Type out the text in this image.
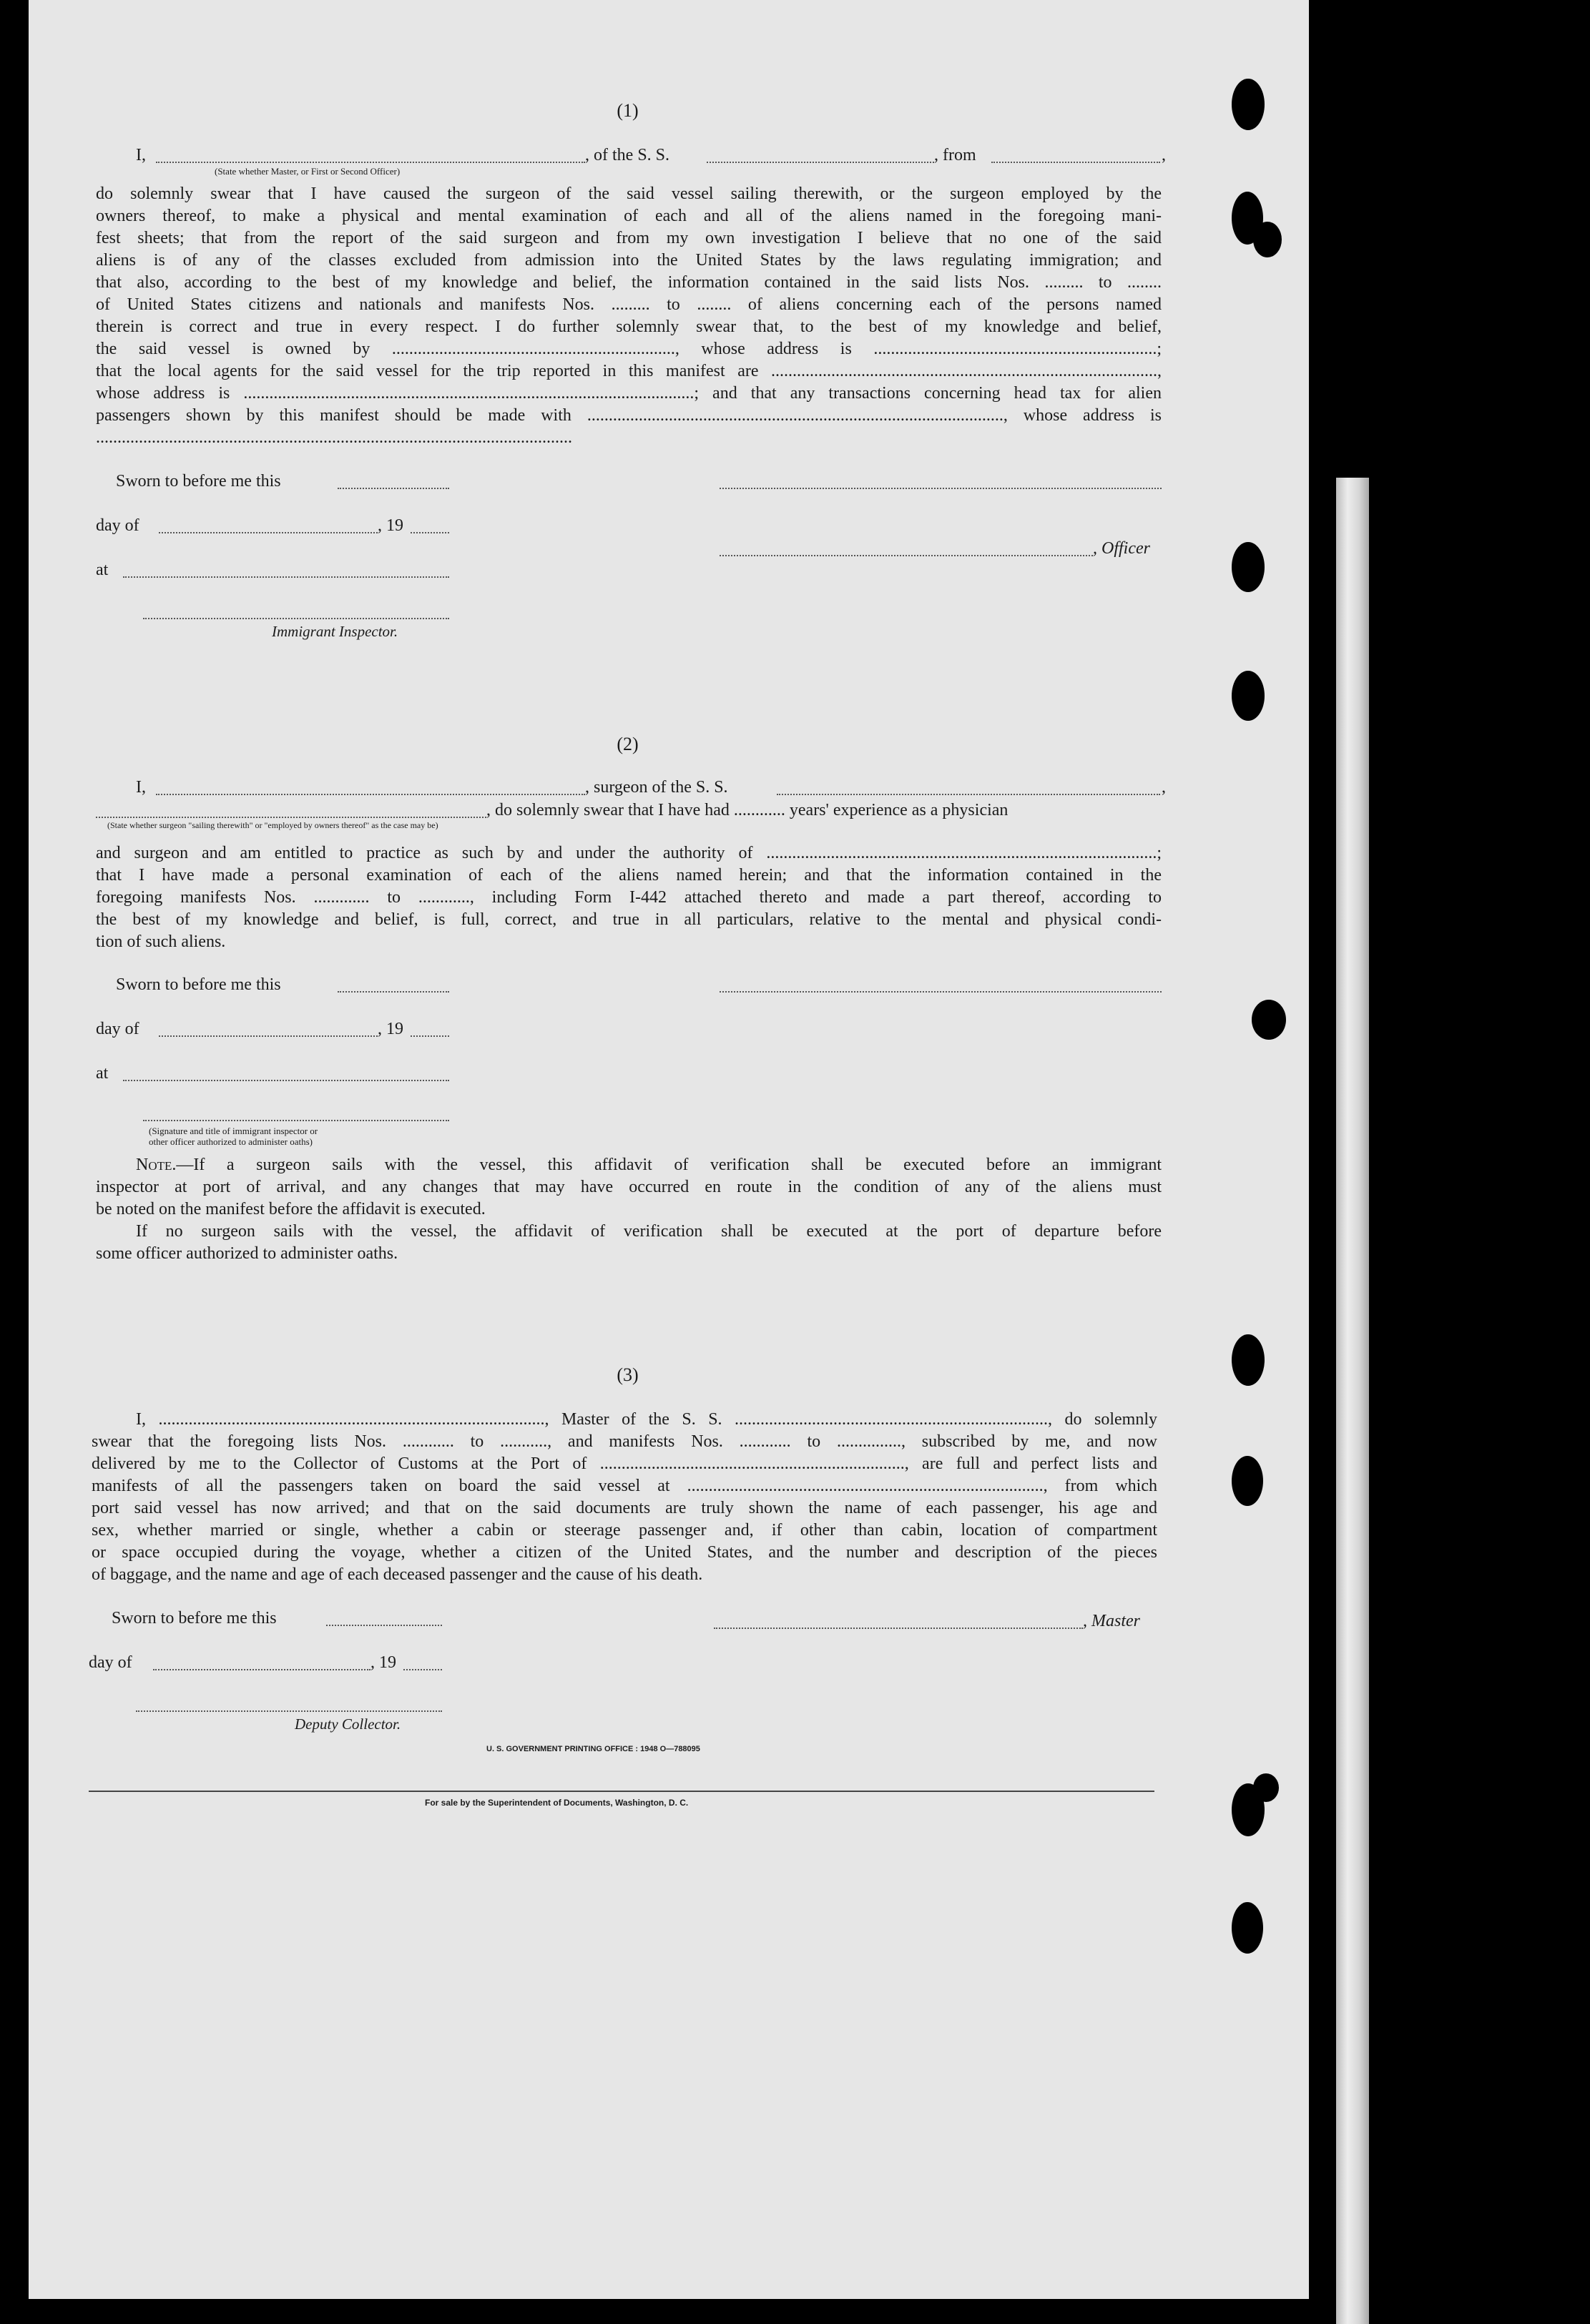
(1)
I,	, of the S. S.	, from	,
(State whether Master, or First or Second Officer)
do solemnly swear that I have caused the surgeon of the said vessel sailing therewith, or the surgeon employed by the
owners thereof, to make a physical and mental examination of each and all of the aliens named in the foregoing mani-
fest sheets; that from the report of the said surgeon and from my own investigation I believe that no one of the said
aliens is of any of the classes excluded from admission into the United States by the laws regulating immigration; and
that also, according to the best of my knowledge and belief, the information contained in the said lists Nos. ......... to ........
of United States citizens and nationals and manifests Nos. ......... to ........ of aliens concerning each of the persons named
therein is correct and true in every respect. I do further solemnly swear that, to the best of my knowledge and belief,
the said vessel is owned by .................................................................., whose address is ..................................................................;
that the local agents for the said vessel for the trip reported in this manifest are ..........................................................................................,
whose address is .........................................................................................................; and that any transactions concerning head tax for alien
passengers shown by this manifest should be made with ................................................................................................., whose address is
...............................................................................................................
Sworn to before me this
day of	, 19
, Officer
at
Immigrant Inspector.
(2)
I,	, surgeon of the S. S.	,
, do solemnly swear that I have had ............ years' experience as a physician
(State whether surgeon "sailing therewith" or "employed by owners thereof" as the case may be)
and surgeon and am entitled to practice as such by and under the authority of ...........................................................................................;
that I have made a personal examination of each of the aliens named herein; and that the information contained in the
foregoing manifests Nos. ............. to ............, including Form I-442 attached thereto and made a part thereof, according to
the best of my knowledge and belief, is full, correct, and true in all particulars, relative to the mental and physical condi-
tion of such aliens.
Sworn to before me this
day of	, 19
at
(Signature and title of immigrant inspector or
other officer authorized to administer oaths)
Note.—If a surgeon sails with the vessel, this affidavit of verification shall be executed before an immigrant
inspector at port of arrival, and any changes that may have occurred en route in the condition of any of the aliens must
be noted on the manifest before the affidavit is executed.
If no surgeon sails with the vessel, the affidavit of verification shall be executed at the port of departure before
some officer authorized to administer oaths.
(3)
I, .........................................................................................., Master of the S. S. ........................................................................., do solemnly
swear that the foregoing lists Nos. ............ to ..........., and manifests Nos. ............ to ..............., subscribed by me, and now
delivered by me to the Collector of Customs at the Port of ......................................................................., are full and perfect lists and
manifests of all the passengers taken on board the said vessel at ..................................................................................., from which
port said vessel has now arrived; and that on the said documents are truly shown the name of each passenger, his age and
sex, whether married or single, whether a cabin or steerage passenger and, if other than cabin, location of compartment
or space occupied during the voyage, whether a citizen of the United States, and the number and description of the pieces
of baggage, and the name and age of each deceased passenger and the cause of his death.
Sworn to before me this	, Master
day of	, 19
Deputy Collector.
U. S. GOVERNMENT PRINTING OFFICE : 1948 O—788095
For sale by the Superintendent of Documents, Washington, D. C.
